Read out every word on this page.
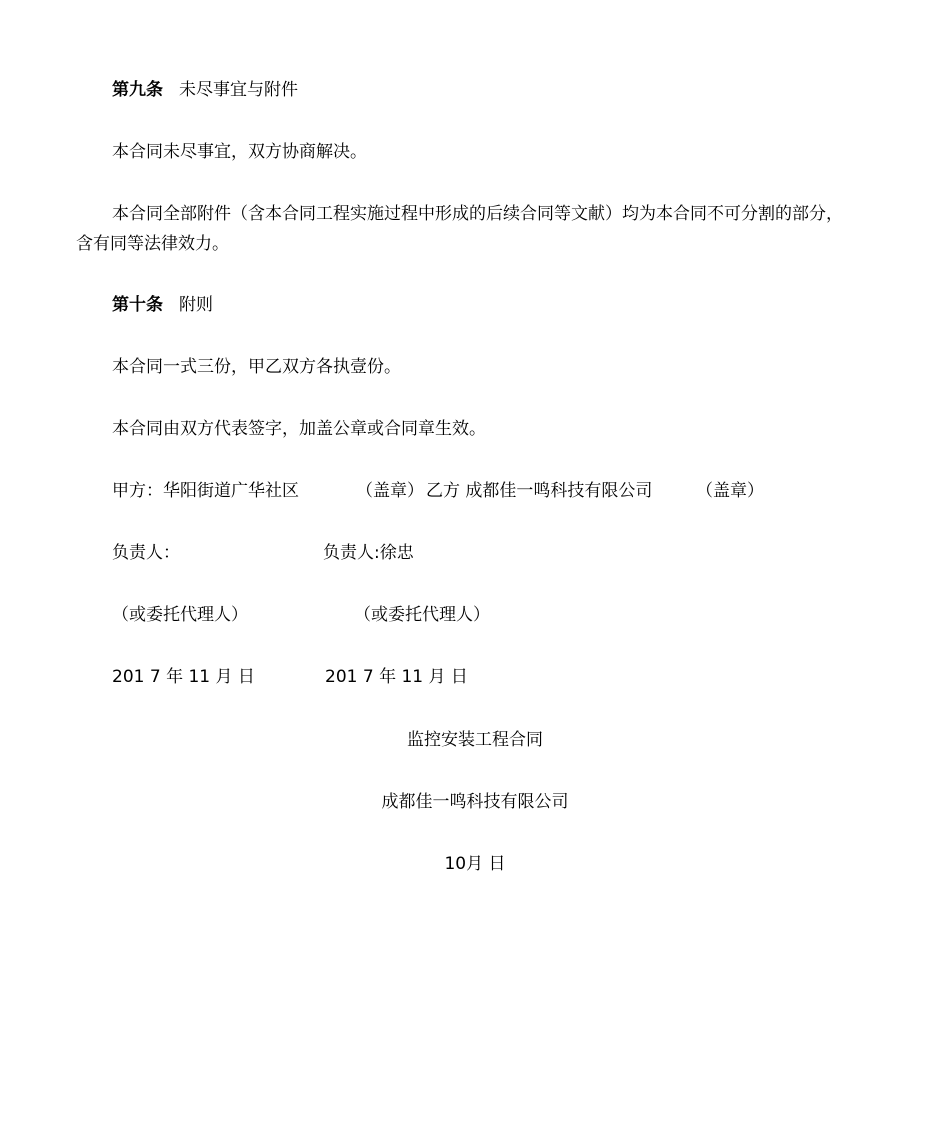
第九条 未尽事宜与附件
本合同未尽事宜，双方协商解决。
本合同全部附件（含本合同工程实施过程中形成的后续合同等文献）均为本合同不可分割的部分，
含有同等法律效力。
第十条 附则
本合同一式三份，甲乙双方各执壹份。
本合同由双方代表签字，加盖公章或合同章生效。
甲方：华阳街道广华社区	（盖章） 乙方 成都佳一鸣科技有限公司	（盖章）
负责人：	负责人:徐忠
（或委托代理人）	（或委托代理人）
201 7 年 11 月 日	201 7 年 11 月 日
监控安装工程合同
成都佳一鸣科技有限公司
10月 日
